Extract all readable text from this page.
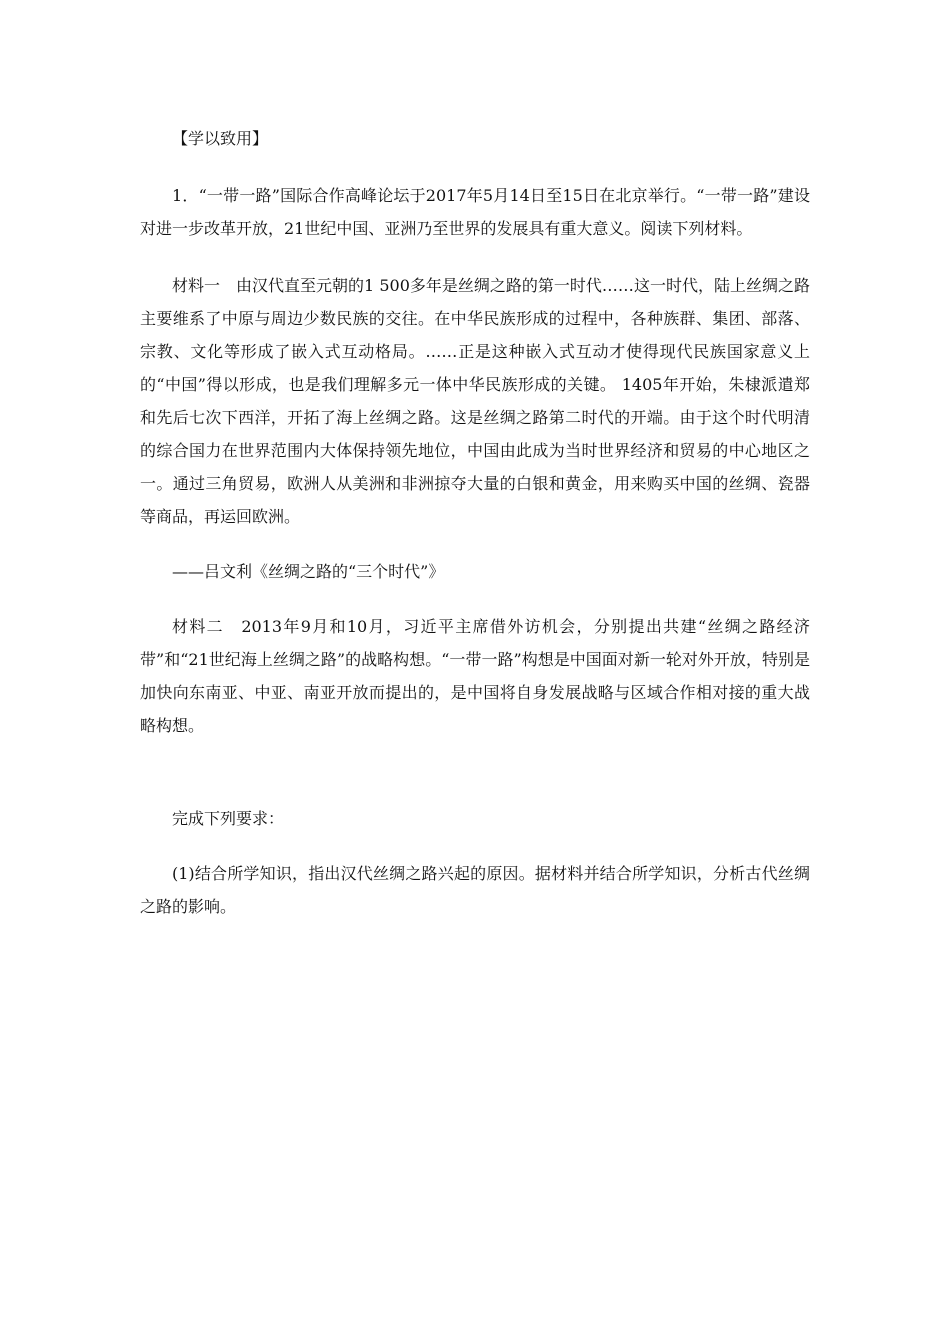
【学以致用】

1．“一带一路”国际合作高峰论坛于2017年5月14日至15日在北京举行。“一带一路”建设对进一步改革开放，21世纪中国、亚洲乃至世界的发展具有重大意义。阅读下列材料。

材料一　由汉代直至元朝的1 500多年是丝绸之路的第一时代……这一时代，陆上丝绸之路主要维系了中原与周边少数民族的交往。在中华民族形成的过程中，各种族群、集团、部落、宗教、文化等形成了嵌入式互动格局。……正是这种嵌入式互动才使得现代民族国家意义上的“中国”得以形成，也是我们理解多元一体中华民族形成的关键。 1405年开始，朱棣派遣郑和先后七次下西洋，开拓了海上丝绸之路。这是丝绸之路第二时代的开端。由于这个时代明清的综合国力在世界范围内大体保持领先地位，中国由此成为当时世界经济和贸易的中心地区之一。通过三角贸易，欧洲人从美洲和非洲掠夺大量的白银和黄金，用来购买中国的丝绸、瓷器等商品，再运回欧洲。

——吕文利《丝绸之路的“三个时代”》

材料二　2013年9月和10月，习近平主席借外访机会，分别提出共建“丝绸之路经济带”和“21世纪海上丝绸之路”的战略构想。“一带一路”构想是中国面对新一轮对外开放，特别是加快向东南亚、中亚、南亚开放而提出的，是中国将自身发展战略与区域合作相对接的重大战略构想。

完成下列要求：

(1)结合所学知识，指出汉代丝绸之路兴起的原因。据材料并结合所学知识，分析古代丝绸之路的影响。
